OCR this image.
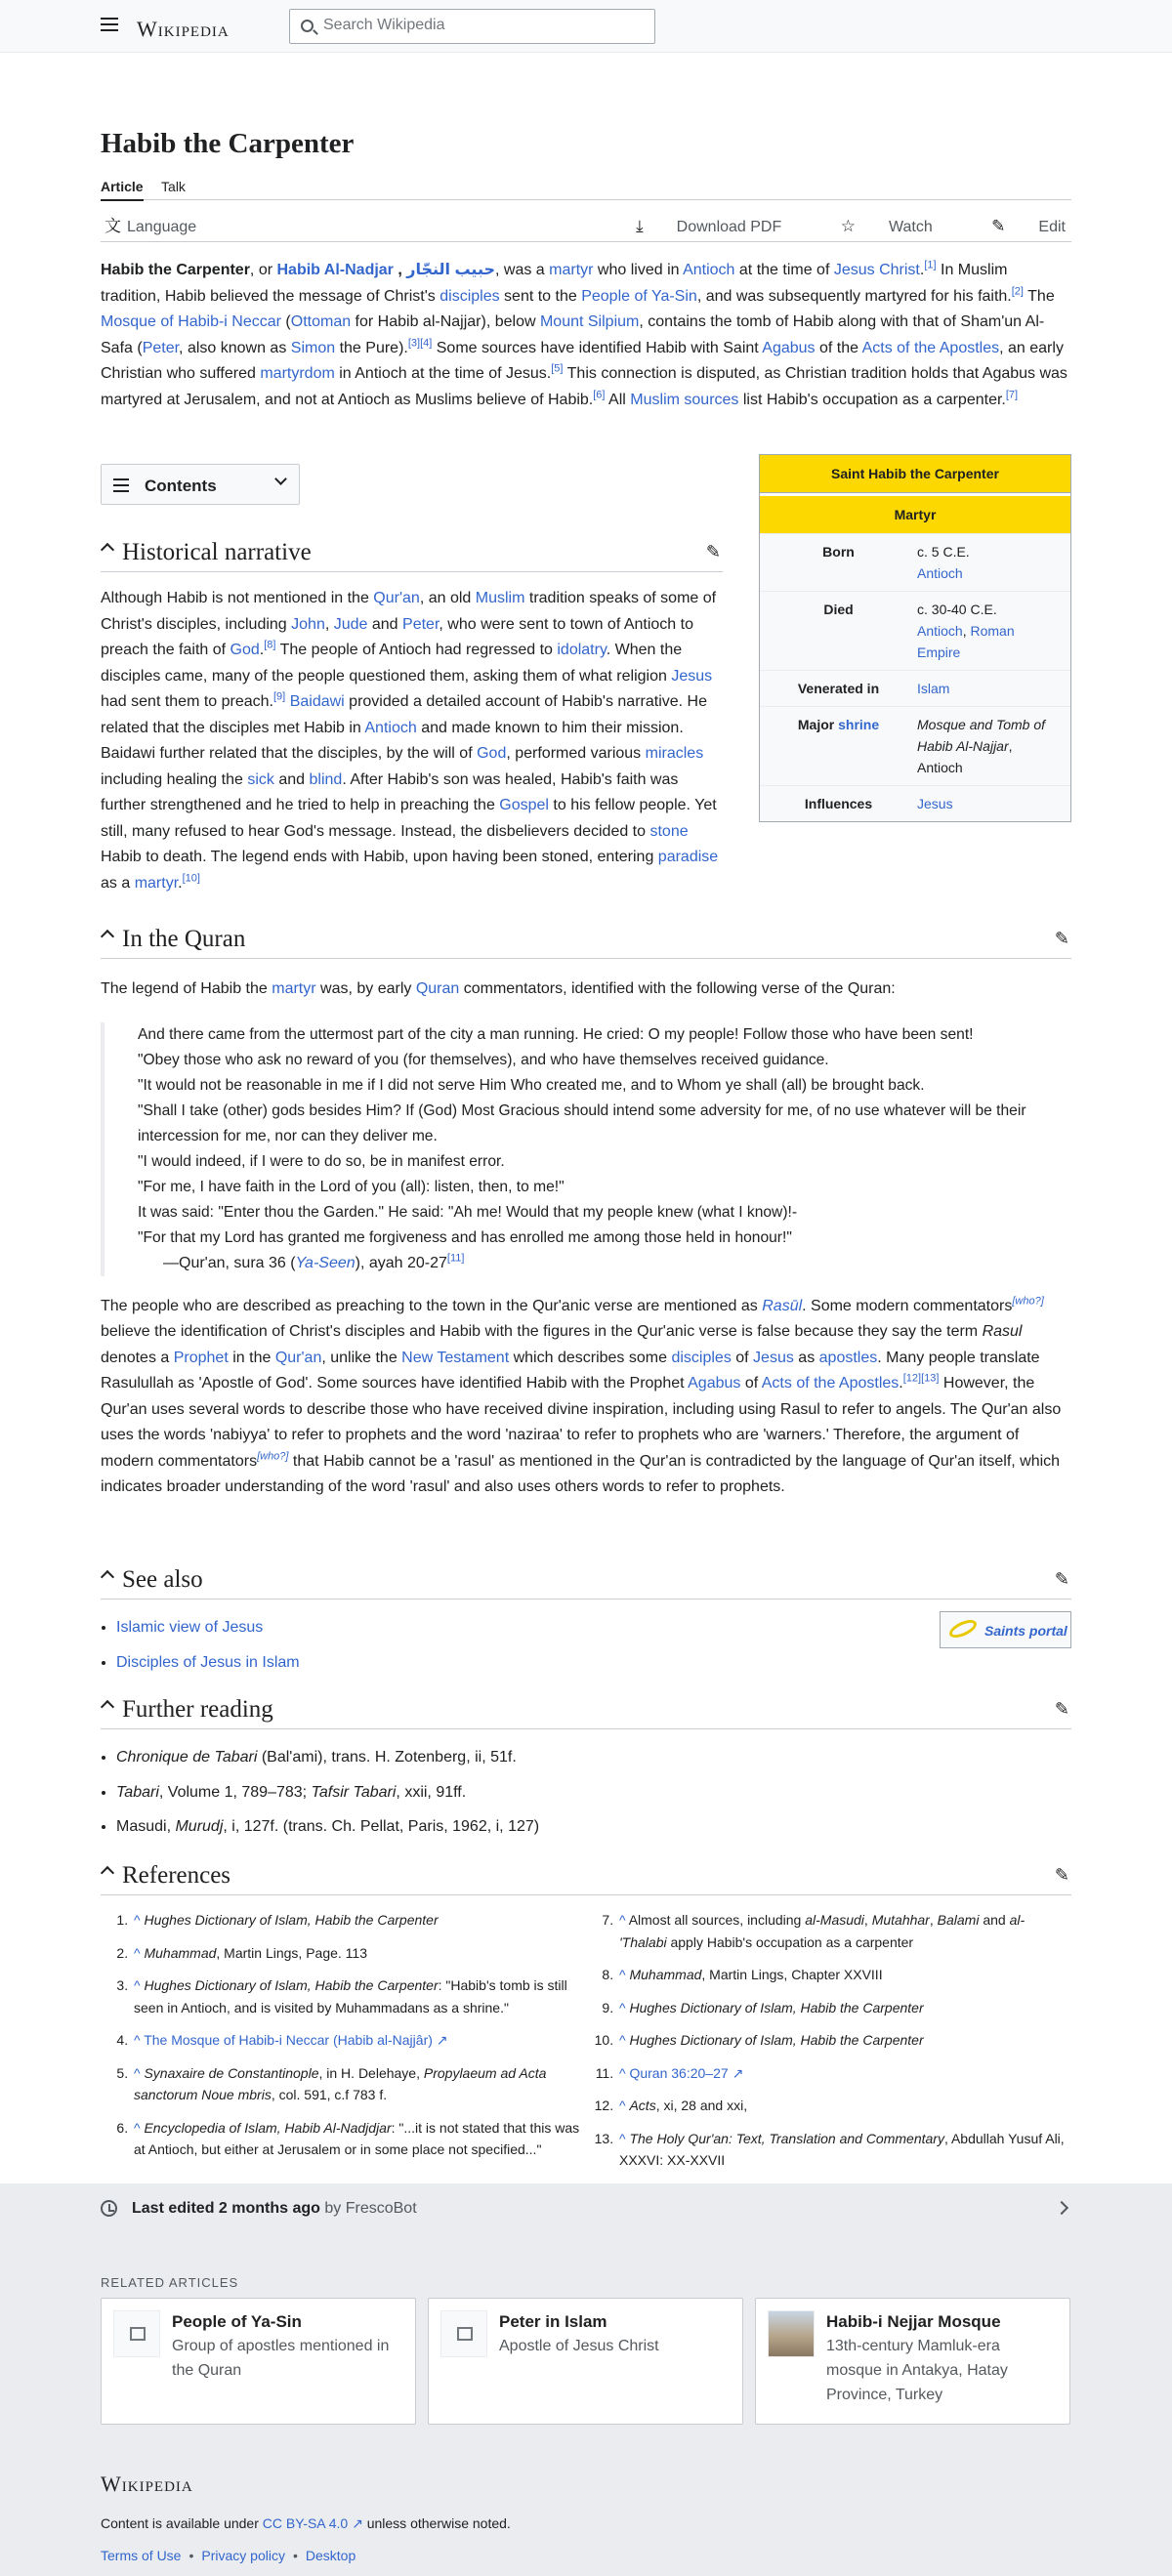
Wikipedia
Search Wikipedia
Habib the Carpenter
Article Talk
文 Language	⤓ Download PDF	☆ Watch	✎ Edit

Habib the Carpenter, or Habib Al-Nadjar , حبيب النجّار, was a martyr who lived in Antioch at the time of Jesus Christ.[1] In Muslim tradition, Habib believed the message of Christ's disciples sent to the People of Ya-Sin, and was subsequently martyred for his faith.[2] The Mosque of Habib-i Neccar (Ottoman for Habib al-Najjar), below Mount Silpium, contains the tomb of Habib along with that of Sham'un Al-Safa (Peter, also known as Simon the Pure).[3][4] Some sources have identified Habib with Saint Agabus of the Acts of the Apostles, an early Christian who suffered martyrdom in Antioch at the time of Jesus.[5] This connection is disputed, as Christian tradition holds that Agabus was martyred at Jerusalem, and not at Antioch as Muslims believe of Habib.[6] All Muslim sources list Habib's occupation as a carpenter.[7]

Contents
Saint Habib the Carpenter
Martyr
Born	c. 5 C.E.
Antioch
Died	c. 30-40 C.E.
Antioch, Roman Empire
Venerated in	Islam
Major shrine	Mosque and Tomb of Habib Al-Najjar,
Antioch
Influences	Jesus
Historical narrative	✎

Although Habib is not mentioned in the Qur'an, an old Muslim tradition speaks of some of Christ's disciples, including John, Jude and Peter, who were sent to town of Antioch to preach the faith of God.[8] The people of Antioch had regressed to idolatry. When the disciples came, many of the people questioned them, asking them of what religion Jesus had sent them to preach.[9] Baidawi provided a detailed account of Habib's narrative. He related that the disciples met Habib in Antioch and made known to him their mission. Baidawi further related that the disciples, by the will of God, performed various miracles including healing the sick and blind. After Habib's son was healed, Habib's faith was further strengthened and he tried to help in preaching the Gospel to his fellow people. Yet still, many refused to hear God's message. Instead, the disbelievers decided to stone Habib to death. The legend ends with Habib, upon having been stoned, entering paradise as a martyr.[10]

In the Quran	✎

The legend of Habib the martyr was, by early Quran commentators, identified with the following verse of the Quran:

And there came from the uttermost part of the city a man running. He cried: O my people! Follow those who have been sent!
"Obey those who ask no reward of you (for themselves), and who have themselves received guidance.
"It would not be reasonable in me if I did not serve Him Who created me, and to Whom ye shall (all) be brought back.
"Shall I take (other) gods besides Him? If (God) Most Gracious should intend some adversity for me, of no use whatever will be their intercession for me, nor can they deliver me.
"I would indeed, if I were to do so, be in manifest error.
"For me, I have faith in the Lord of you (all): listen, then, to me!"
It was said: "Enter thou the Garden." He said: "Ah me! Would that my people knew (what I know)!-
"For that my Lord has granted me forgiveness and has enrolled me among those held in honour!"
—Qur'an, sura 36 (Ya-Seen), ayah 20-27[11]

The people who are described as preaching to the town in the Qur'anic verse are mentioned as Rasūl. Some modern commentators[who?] believe the identification of Christ's disciples and Habib with the figures in the Qur'anic verse is false because they say the term Rasul denotes a Prophet in the Qur'an, unlike the New Testament which describes some disciples of Jesus as apostles. Many people translate Rasulullah as 'Apostle of God'. Some sources have identified Habib with the Prophet Agabus of Acts of the Apostles.[12][13] However, the Qur'an uses several words to describe those who have received divine inspiration, including using Rasul to refer to angels. The Qur'an also uses the words 'nabiyya' to refer to prophets and the word 'naziraa' to refer to prophets who are 'warners.' Therefore, the argument of modern commentators[who?] that Habib cannot be a 'rasul' as mentioned in the Qur'an is contradicted by the language of Qur'an itself, which indicates broader understanding of the word 'rasul' and also uses others words to refer to prophets.

See also	✎
• Islamic view of Jesus
• Disciples of Jesus in Islam
Saints portal
Further reading	✎
• Chronique de Tabari (Bal'ami), trans. H. Zotenberg, ii, 51f.
• Tabari, Volume 1, 789–783; Tafsir Tabari, xxii, 91ff.
• Masudi, Murudj, i, 127f. (trans. Ch. Pellat, Paris, 1962, i, 127)
References	✎
1. ^ Hughes Dictionary of Islam, Habib the Carpenter
2. ^ Muhammad, Martin Lings, Page. 113
3. ^ Hughes Dictionary of Islam, Habib the Carpenter: "Habib's tomb is still seen in Antioch, and is visited by Muhammadans as a shrine."
4. ^ The Mosque of Habib-i Neccar (Habib al-Najjâr) ↗
5. ^ Synaxaire de Constantinople, in H. Delehaye, Propylaeum ad Acta sanctorum Noue mbris, col. 591, c.f 783 f.
6. ^ Encyclopedia of Islam, Habib Al-Nadjdjar: "...it is not stated that this was at Antioch, but either at Jerusalem or in some place not specified..."
7. ^ Almost all sources, including al-Masudi, Mutahhar, Balami and al-'Thalabi apply Habib's occupation as a carpenter
8. ^ Muhammad, Martin Lings, Chapter XXVIII
9. ^ Hughes Dictionary of Islam, Habib the Carpenter
10. ^ Hughes Dictionary of Islam, Habib the Carpenter
11. ^ Quran 36:20–27 ↗
12. ^ Acts, xi, 28 and xxi,
13. ^ The Holy Qur'an: Text, Translation and Commentary, Abdullah Yusuf Ali, XXXVI: XX-XXVII
Last edited 2 months ago by FrescoBot
RELATED ARTICLES
People of Ya-Sin
Group of apostles mentioned in the Quran
Peter in Islam
Apostle of Jesus Christ
Habib-i Nejjar Mosque
13th-century Mamluk-era mosque in Antakya, Hatay Province, Turkey
Wikipedia
Content is available under CC BY-SA 4.0 ↗ unless otherwise noted.
Terms of Use • Privacy policy • Desktop
